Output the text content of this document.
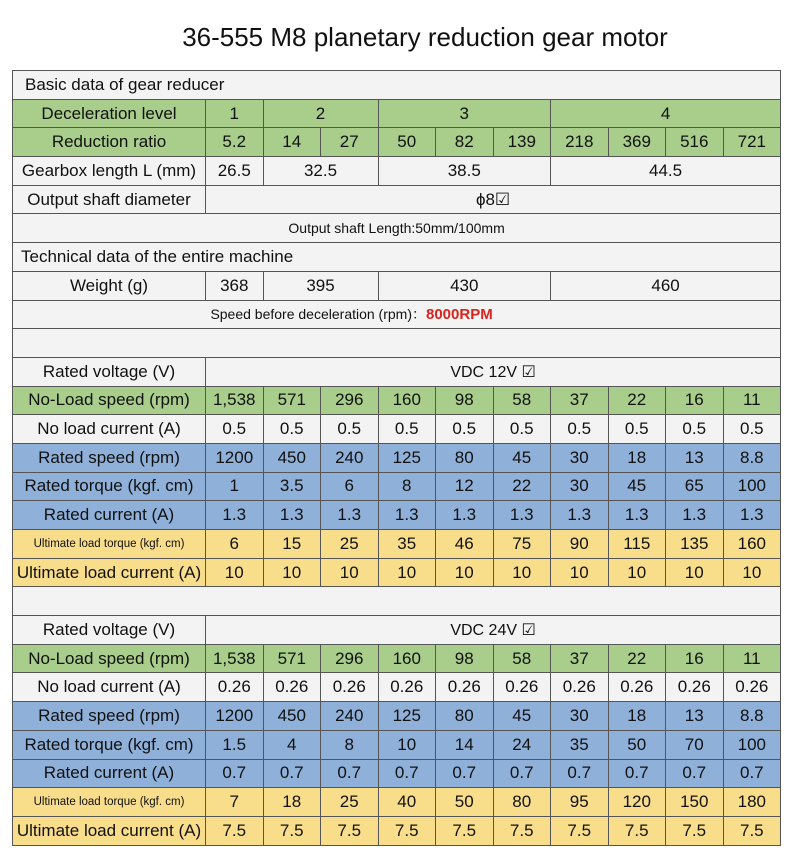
36-555 M8 planetary reduction gear motor
Basic data of gear reducer										
Deceleration level	1	2		3			4			
Reduction ratio	5.2	14	27	50	82	139	218	369	516	721
Gearbox length L (mm)	26.5	32.5		38.5			44.5			
Output shaft diameter	ϕ8☑									
Output shaft Length:50mm/100mm										
Technical data of the entire machine										
Weight (g)	368	395		430			460			
Speed before deceleration (rpm)：8000RPM										

Rated voltage (V)	VDC 12V ☑									
No-Load speed (rpm)	1,538	571	296	160	98	58	37	22	16	11
No load current (A)	0.5	0.5	0.5	0.5	0.5	0.5	0.5	0.5	0.5	0.5
Rated speed (rpm)	1200	450	240	125	80	45	30	18	13	8.8
Rated torque (kgf. cm)	1	3.5	6	8	12	22	30	45	65	100
Rated current (A)	1.3	1.3	1.3	1.3	1.3	1.3	1.3	1.3	1.3	1.3
Ultimate load torque (kgf. cm)	6	15	25	35	46	75	90	115	135	160
Ultimate load current (A)	10	10	10	10	10	10	10	10	10	10

Rated voltage (V)	VDC 24V ☑									
No-Load speed (rpm)	1,538	571	296	160	98	58	37	22	16	11
No load current (A)	0.26	0.26	0.26	0.26	0.26	0.26	0.26	0.26	0.26	0.26
Rated speed (rpm)	1200	450	240	125	80	45	30	18	13	8.8
Rated torque (kgf. cm)	1.5	4	8	10	14	24	35	50	70	100
Rated current (A)	0.7	0.7	0.7	0.7	0.7	0.7	0.7	0.7	0.7	0.7
Ultimate load torque (kgf. cm)	7	18	25	40	50	80	95	120	150	180
Ultimate load current (A)	7.5	7.5	7.5	7.5	7.5	7.5	7.5	7.5	7.5	7.5
